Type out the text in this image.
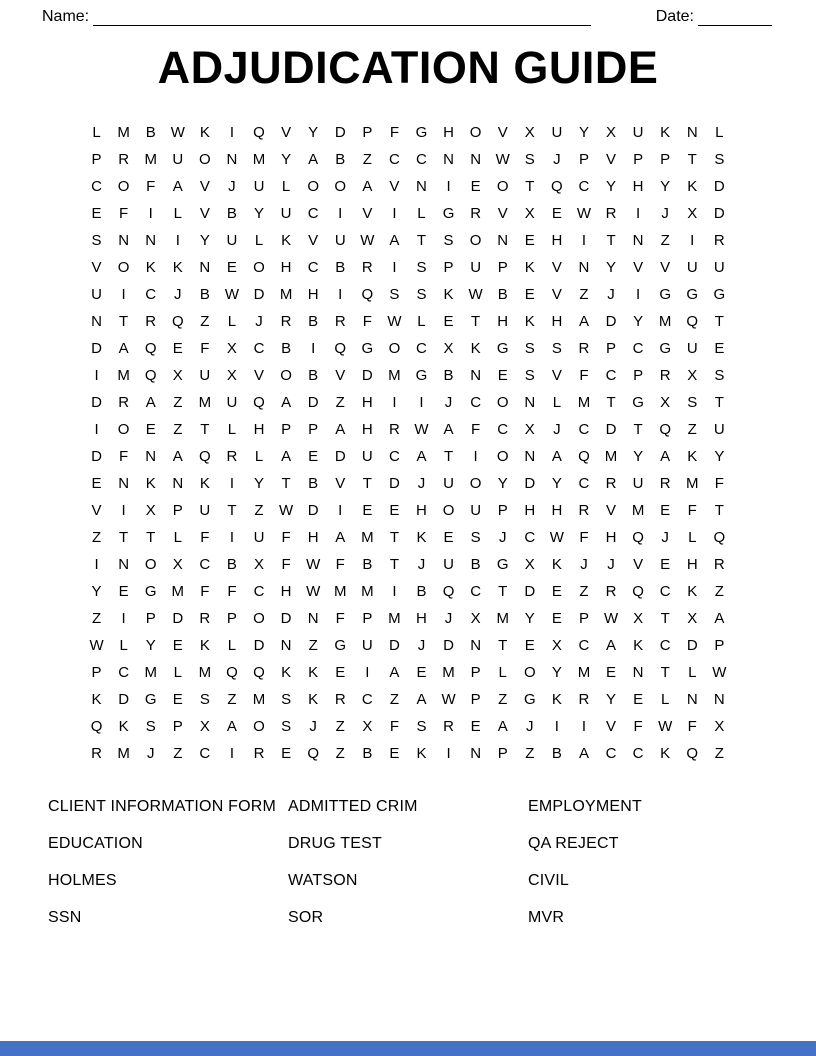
Name:	Date:
ADJUDICATION GUIDE
L	M	B W K	I	Q	V	Y	D	P	F	G	H	O	V	X	U	Y	X	U	K	N	L
P	R	M	U	O	N	M	Y	A	B	Z	C	C	N	N W S	J	P	V	P	P	T	S
C	O	F	A	V	J	U	L	O	O	A	V	N	I	E	O	T	Q	C	Y	H	Y	K	D
E	F	I	L	V	B	Y	U	C	I	V	I	L	G	R	V	X	E W R	I	J	X	D
S	N	N	I	Y	U	L	K	V	U W A	T	S	O	N	E	H	I	T	N	Z	I	R
V	O	K	K	N	E	O	H	C	B	R	I	S	P	U	P	K	V	N	Y	V	V	U	U
U	I	C	J	B W D	M	H	I	Q	S	S	K W B	E	V	Z	J	I	G	G	G
N	T	R	Q	Z	L	J	R	B	R	F	W	L	E	T	H	K	H	A	D	Y	M	Q	T
D	A	Q	E	F	X	C	B	I	Q	G	O	C	X	K	G	S	S	R	P	C	G	U	E
I	M	Q	X	U	X	V	O	B	V	D	M	G	B	N	E	S	V	F	C	P	R	X	S
D	R	A	Z	M	U	Q	A	D	Z	H	I	I	J	C	O	N	L	M	T	G	X	S	T
I	O	E	Z	T	L	H	P	P	A	H	R W A	F	C	X	J	C	D	T	Q	Z	U
D	F	N	A	Q	R	L	A	E	D	U	C	A	T	I	O	N	A	Q M	Y	A	K	Y
E	N	K	N	K	I	Y	T	B	V	T	D	J	U	O	Y	D	Y	C	R	U	R	M	F
V	I	X	P	U	T	Z	W D	I	E	E	H	O	U	P	H	H	R	V	M	E	F	T
Z	T	T	L	F	I	U	F	H	A	M	T	K	E	S	J	C W	F	H	Q	J	L	Q
I	N	O	X	C	B	X	F	W	F	B	T	J	U	B	G	X	K	J	J	V	E	H	R
Y	E	G M	F	F	C	H W M M	I	B	Q	C	T	D	E	Z	R	Q	C	K	Z
Z	I	P	D	R	P	O	D	N	F	P	M	H	J	X	M	Y	E	P W X	T	X	A
W	L	Y	E	K	L	D	N	Z	G	U	D	J	D	N	T	E	X	C	A	K	C	D	P
P	C	M	L	M	Q	Q	K	K	E	I	A	E	M	P	L	O	Y	M	E	N	T	L	W
K	D	G	E	S	Z	M	S	K	R	C	Z	A W P	Z	G	K	R	Y	E	L	N	N
Q	K	S	P	X	A	O	S	J	Z	X	F	S	R	E	A	J	I	I	V	F	W	F	X
R	M	J	Z	C	I	R	E	Q	Z	B	E	K	I	N	P	Z	B	A	C	C	K	Q	Z
CLIENT INFORMATION FORM
EDUCATION
HOLMES
SSN
ADMITTED CRIM
DRUG TEST
WATSON
SOR
EMPLOYMENT
QA REJECT
CIVIL
MVR
